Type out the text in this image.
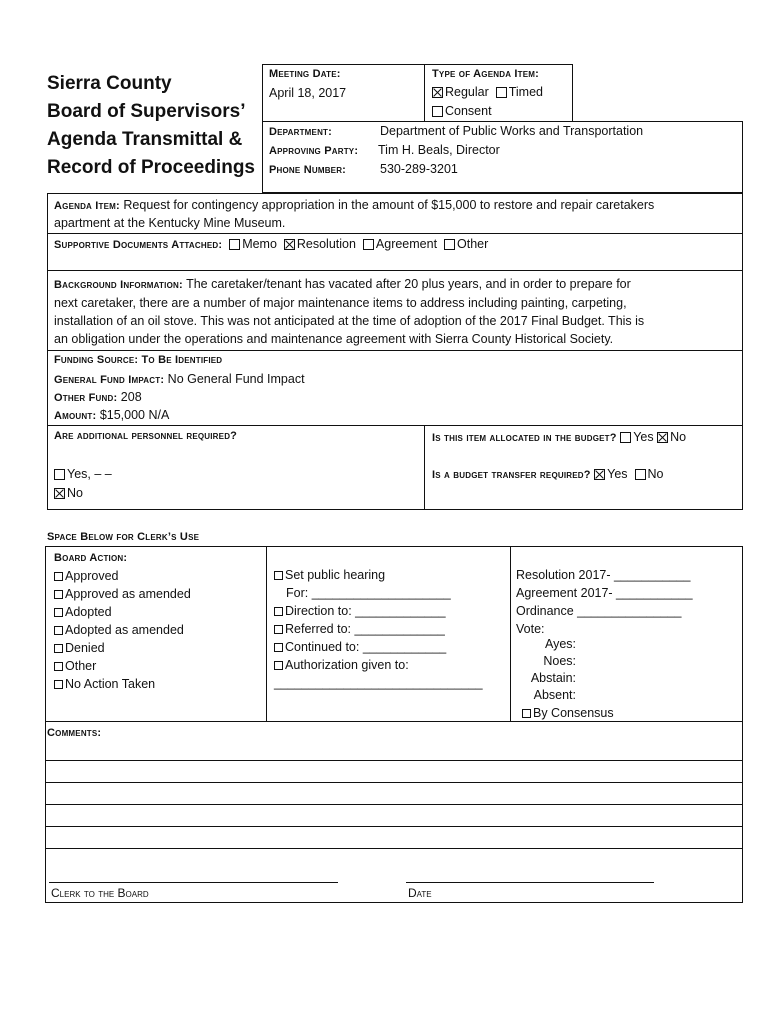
Sierra County
Board of Supervisors’
Agenda Transmittal &
Record of Proceedings
Meeting Date:
April 18, 2017
Type of Agenda Item:
Regular Timed
Consent
Department:	Department of Public Works and Transportation
Approving Party: Tim H. Beals, Director
Phone Number:	530-289-3201
Agenda Item: Request for contingency appropriation in the amount of $15,000 to restore and repair caretakers
apartment at the Kentucky Mine Museum.
Supportive Documents Attached: Memo Resolution Agreement Other
Background Information: The caretaker/tenant has vacated after 20 plus years, and in order to prepare for
next caretaker, there are a number of major maintenance items to address including painting, carpeting,
installation of an oil stove. This was not anticipated at the time of adoption of the 2017 Final Budget. This is
an obligation under the operations and maintenance agreement with Sierra County Historical Society.
Funding Source: To Be Identified
General Fund Impact: No General Fund Impact
Other Fund: 208
Amount: $15,000 N/A
Are additional personnel required?
Yes, – –
No
Is this item allocated in the budget? Yes No
Is a budget transfer required? Yes No
Space Below for Clerk’s Use
Board Action:
Approved
Approved as amended
Adopted
Adopted as amended
Denied
Other
No Action Taken
Set public hearing
For: ____________________
Direction to: _____________
Referred to: _____________
Continued to: ____________
Authorization given to:
______________________________
Resolution 2017- ___________
Agreement 2017- ___________
Ordinance _______________
Vote:
Ayes:
Noes:
Abstain:
Absent:
By Consensus
Comments:
Clerk to the Board	Date
